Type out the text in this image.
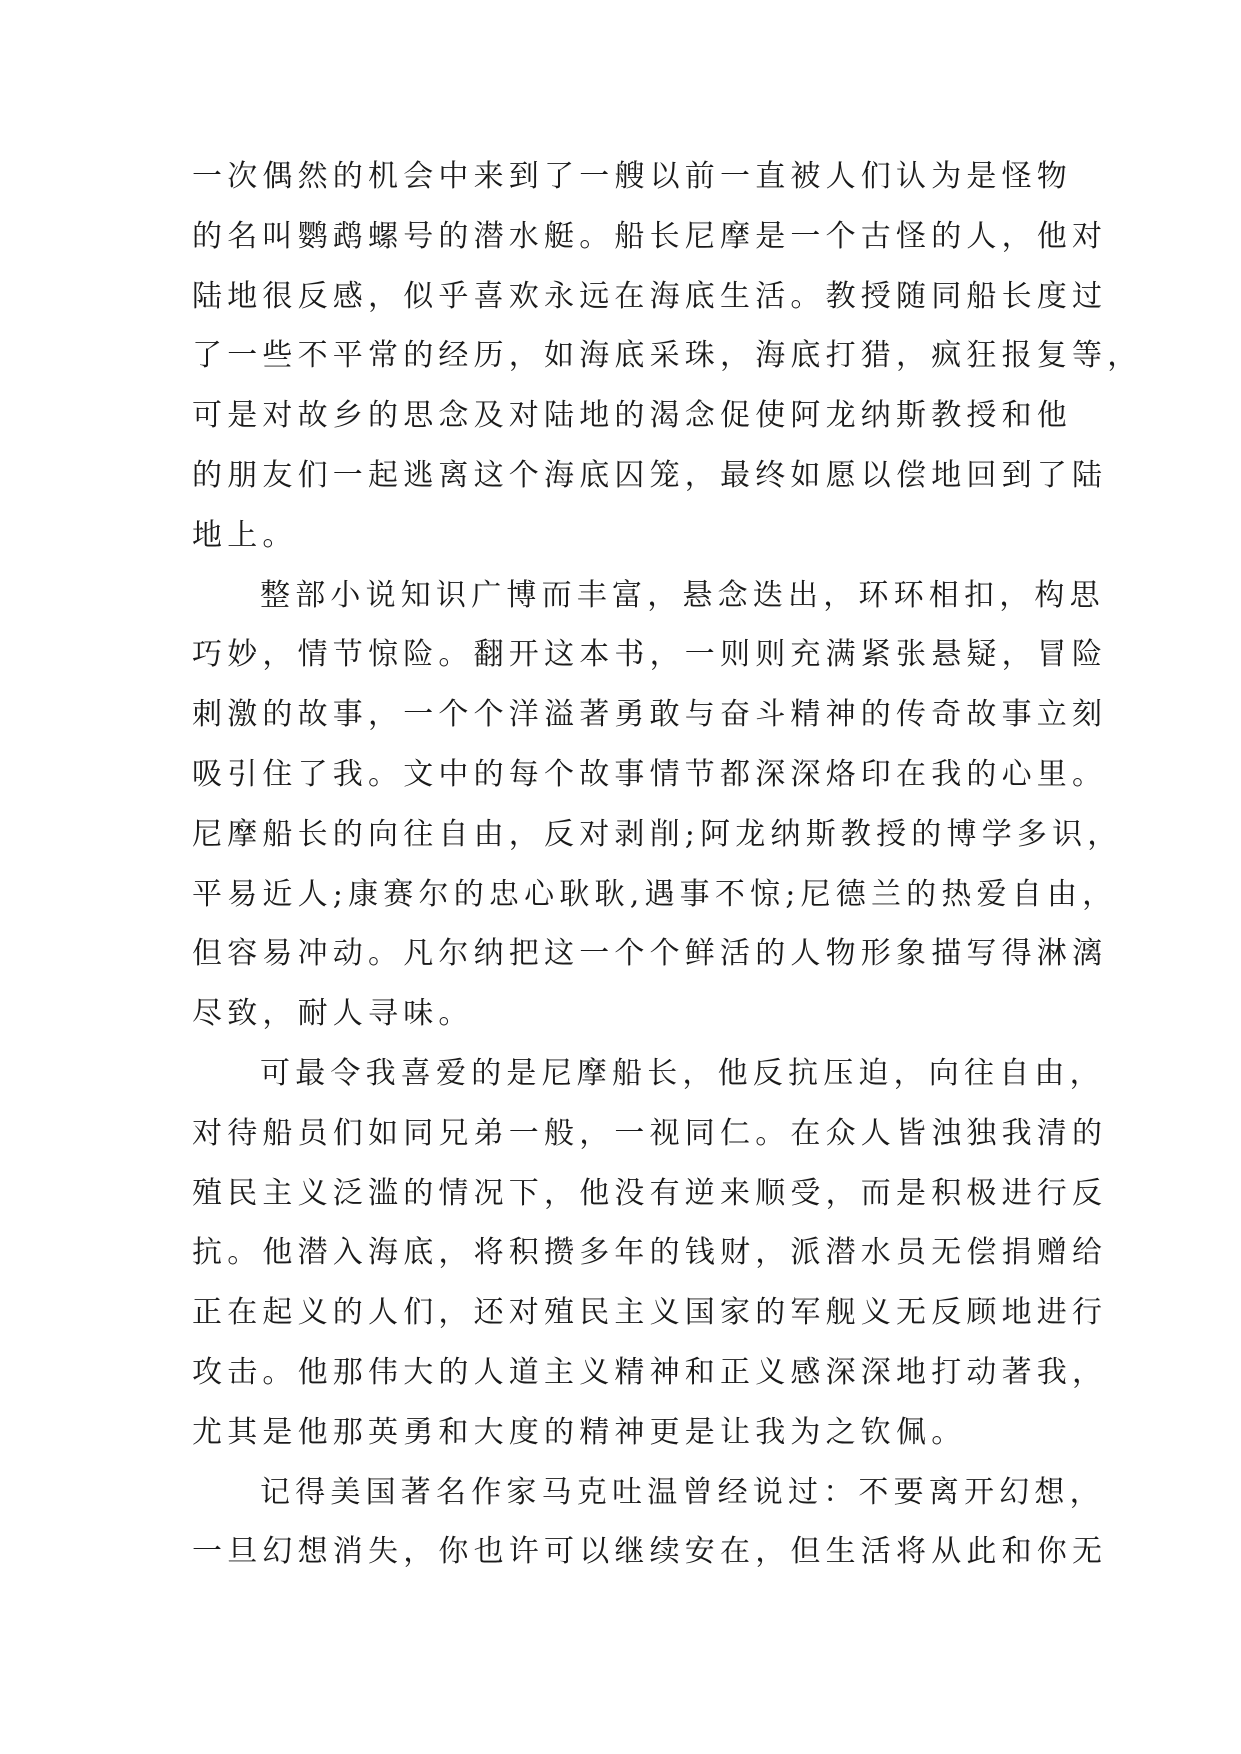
一次偶然的机会中来到了一艘以前一直被人们认为是怪物
的名叫鹦鹉螺号的潜水艇。船长尼摩是一个古怪的人，他对
陆地很反感，似乎喜欢永远在海底生活。教授随同船长度过
了一些不平常的经历，如海底采珠，海底打猎，疯狂报复等，
可是对故乡的思念及对陆地的渴念促使阿龙纳斯教授和他
的朋友们一起逃离这个海底囚笼，最终如愿以偿地回到了陆
地上。
整部小说知识广博而丰富，悬念迭出，环环相扣，构思
巧妙，情节惊险。翻开这本书，一则则充满紧张悬疑，冒险
刺激的故事，一个个洋溢著勇敢与奋斗精神的传奇故事立刻
吸引住了我。文中的每个故事情节都深深烙印在我的心里。
尼摩船长的向往自由，反对剥削;阿龙纳斯教授的博学多识，
平易近人;康赛尔的忠心耿耿,遇事不惊;尼德兰的热爱自由，
但容易冲动。凡尔纳把这一个个鲜活的人物形象描写得淋漓
尽致，耐人寻味。
可最令我喜爱的是尼摩船长，他反抗压迫，向往自由，
对待船员们如同兄弟一般，一视同仁。在众人皆浊独我清的
殖民主义泛滥的情况下，他没有逆来顺受，而是积极进行反
抗。他潜入海底，将积攒多年的钱财，派潜水员无偿捐赠给
正在起义的人们，还对殖民主义国家的军舰义无反顾地进行
攻击。他那伟大的人道主义精神和正义感深深地打动著我，
尤其是他那英勇和大度的精神更是让我为之钦佩。
记得美国著名作家马克吐温曾经说过：不要离开幻想，
一旦幻想消失，你也许可以继续安在，但生活将从此和你无
